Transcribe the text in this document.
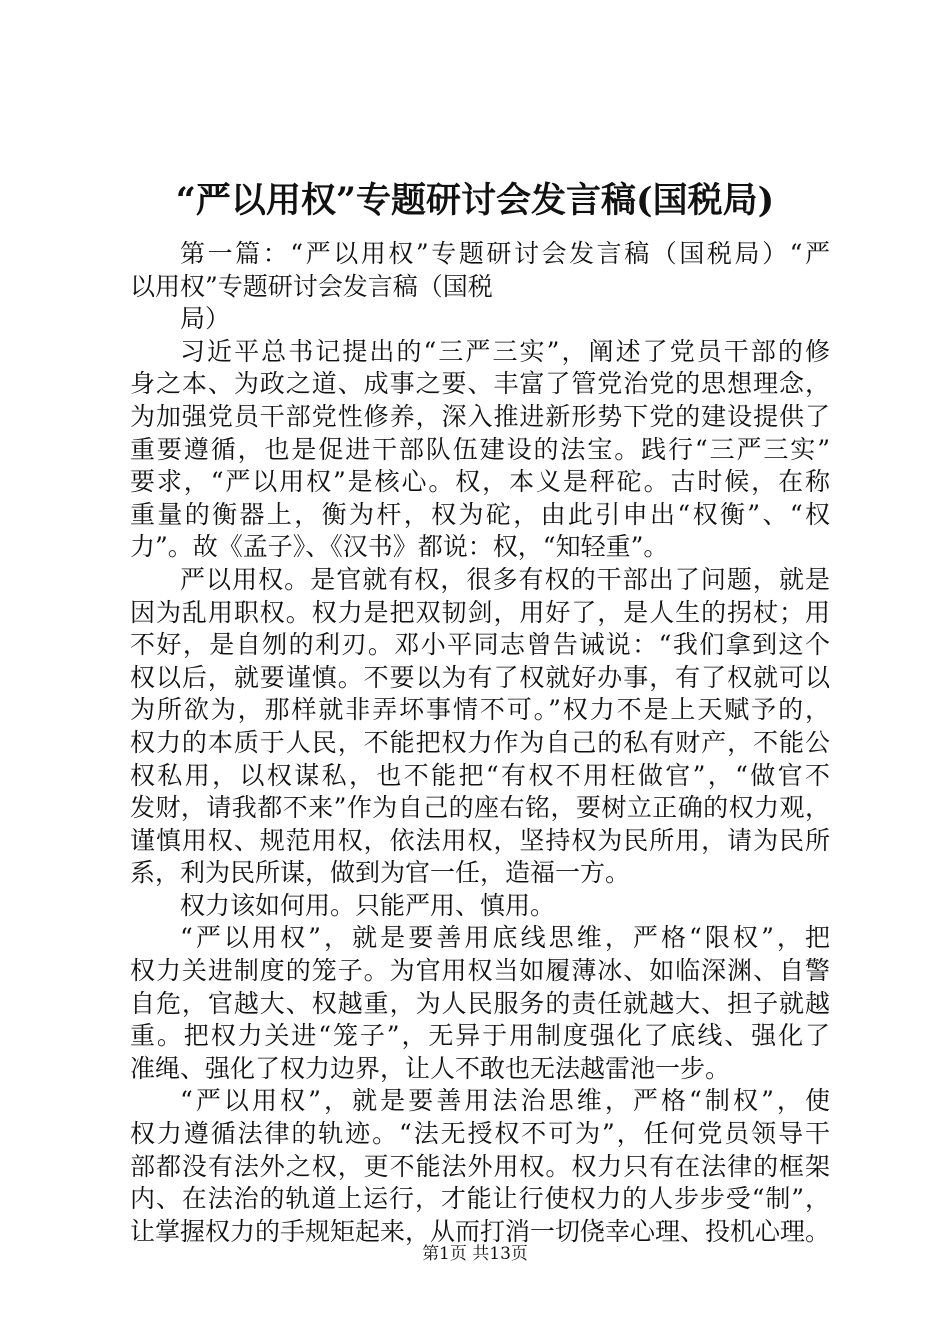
“严以用权”专题研讨会发言稿(国税局)
第一篇：“严以用权”专题研讨会发言稿（国税局）“严
以用权”专题研讨会发言稿（国税
局）
习近平总书记提出的“三严三实”，阐述了党员干部的修
身之本、为政之道、成事之要、丰富了管党治党的思想理念，
为加强党员干部党性修养，深入推进新形势下党的建设提供了
重要遵循，也是促进干部队伍建设的法宝。践行“三严三实”
要求，“严以用权”是核心。权，本义是秤砣。古时候，在称
重量的衡器上，衡为杆，权为砣，由此引申出“权衡”、“权
力”。故《孟子》、《汉书》都说：权，“知轻重”。
严以用权。是官就有权，很多有权的干部出了问题，就是
因为乱用职权。权力是把双韧剑，用好了，是人生的拐杖；用
不好，是自刎的利刃。邓小平同志曾告诫说：“我们拿到这个
权以后，就要谨慎。不要以为有了权就好办事，有了权就可以
为所欲为，那样就非弄坏事情不可。”权力不是上天赋予的，
权力的本质于人民，不能把权力作为自己的私有财产，不能公
权私用，以权谋私，也不能把“有权不用枉做官”，“做官不
发财，请我都不来”作为自己的座右铭，要树立正确的权力观，
谨慎用权、规范用权，依法用权，坚持权为民所用，请为民所
系，利为民所谋，做到为官一任，造福一方。
权力该如何用。只能严用、慎用。
“严以用权”，就是要善用底线思维，严格“限权”，把
权力关进制度的笼子。为官用权当如履薄冰、如临深渊、自警
自危，官越大、权越重，为人民服务的责任就越大、担子就越
重。把权力关进“笼子”，无异于用制度强化了底线、强化了
准绳、强化了权力边界，让人不敢也无法越雷池一步。
“严以用权”，就是要善用法治思维，严格“制权”，使
权力遵循法律的轨迹。“法无授权不可为”，任何党员领导干
部都没有法外之权，更不能法外用权。权力只有在法律的框架
内、在法治的轨道上运行，才能让行使权力的人步步受“制”，
让掌握权力的手规矩起来，从而打消一切侥幸心理、投机心理。
第1页 共13页
